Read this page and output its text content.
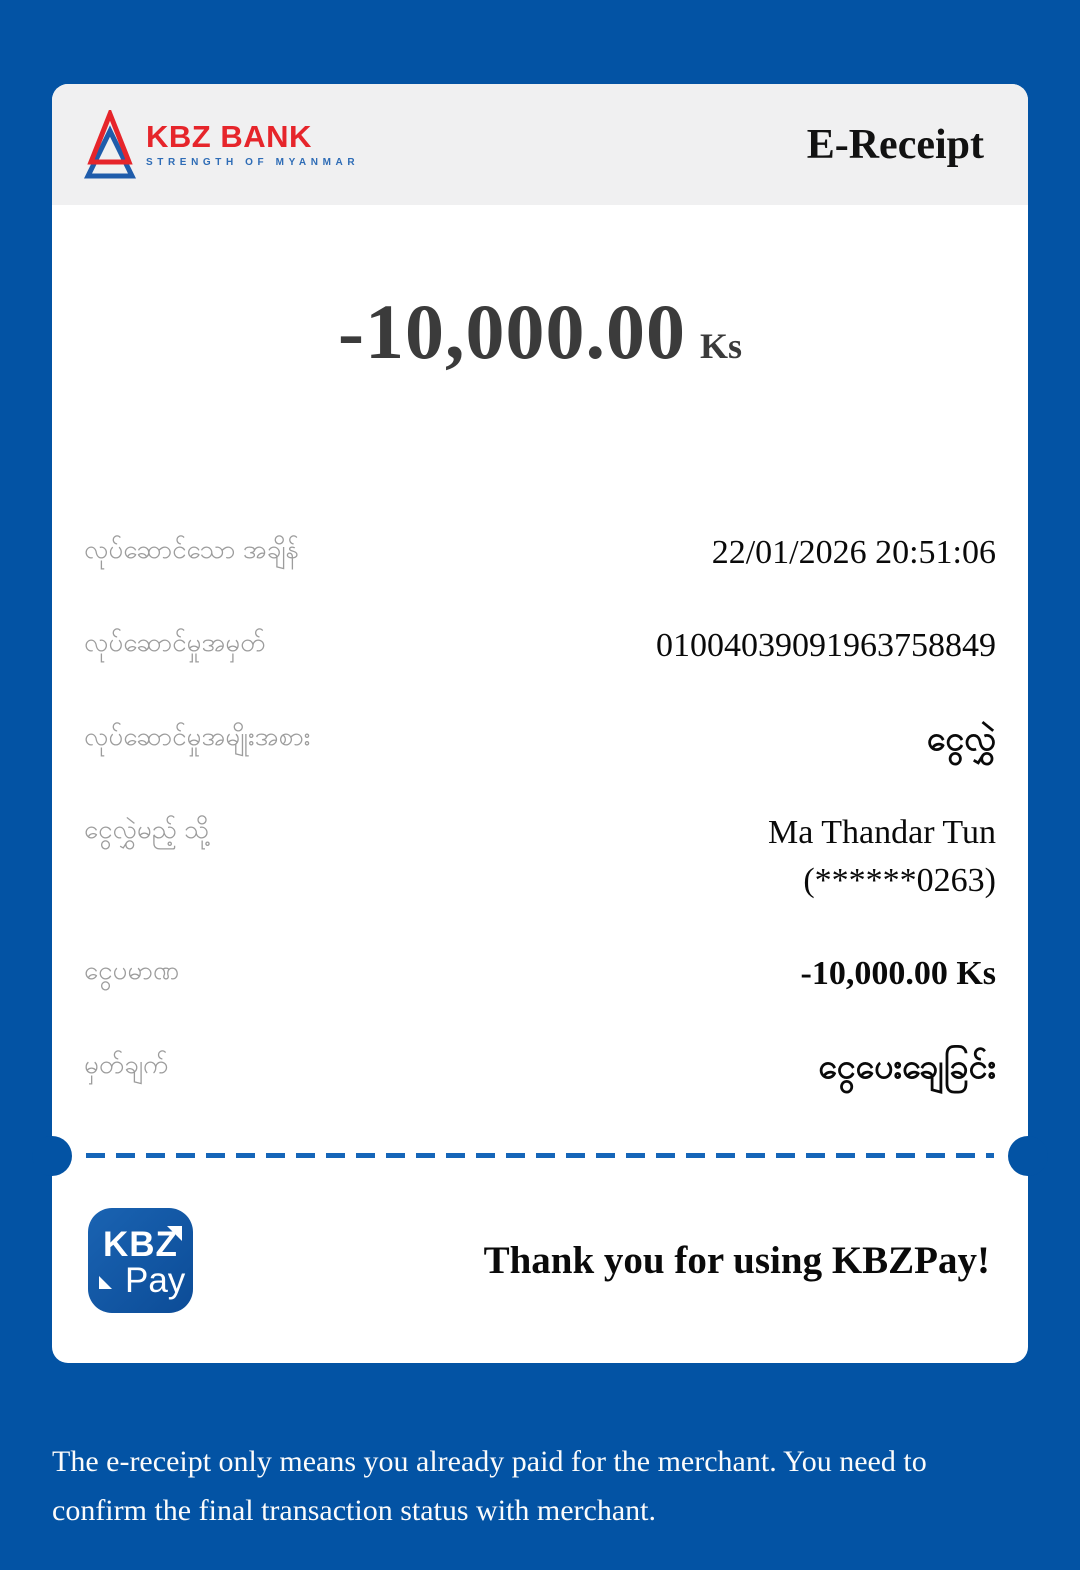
KBZ BANK
STRENGTH OF MYANMAR	E-Receipt
-10,000.00 Ks
လုပ်ဆောင်သော အချိန်	22/01/2026 20:51:06
လုပ်ဆောင်မှုအမှတ်	01004039091963758849
လုပ်ဆောင်မှုအမျိုးအစား	ငွေလွှဲ
ငွေလွှဲမည့် သို့	Ma Thandar Tun
(******0263)
ငွေပမာဏ	-10,000.00 Ks
မှတ်ချက်	ငွေပေးချေခြင်း
KBZ
Pay	Thank you for using KBZPay!
The e-receipt only means you already paid for the merchant. You need to confirm the final transaction status with merchant.
